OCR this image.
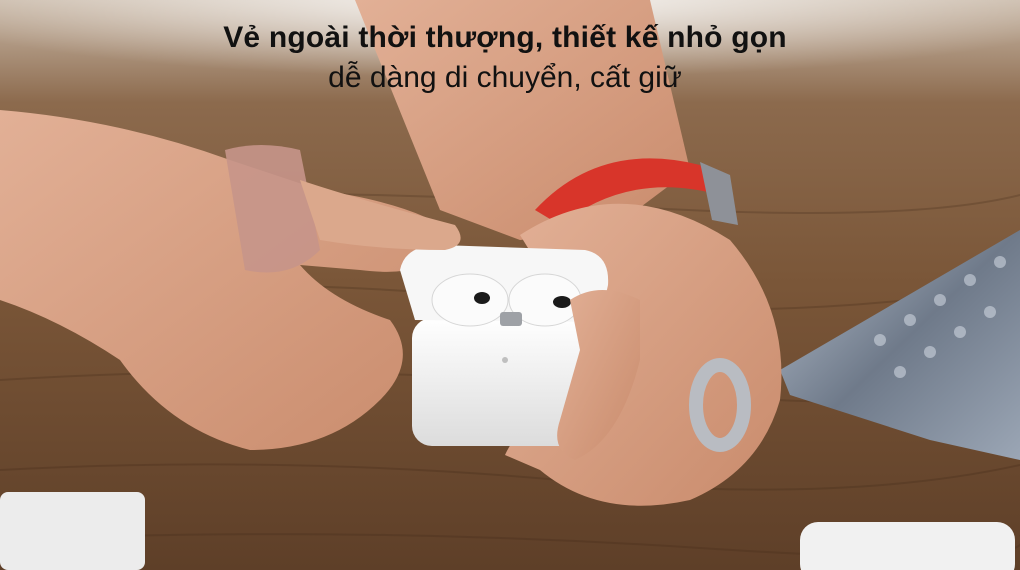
Vẻ ngoài thời thượng, thiết kế nhỏ gọn
dễ dàng di chuyển, cất giữ
